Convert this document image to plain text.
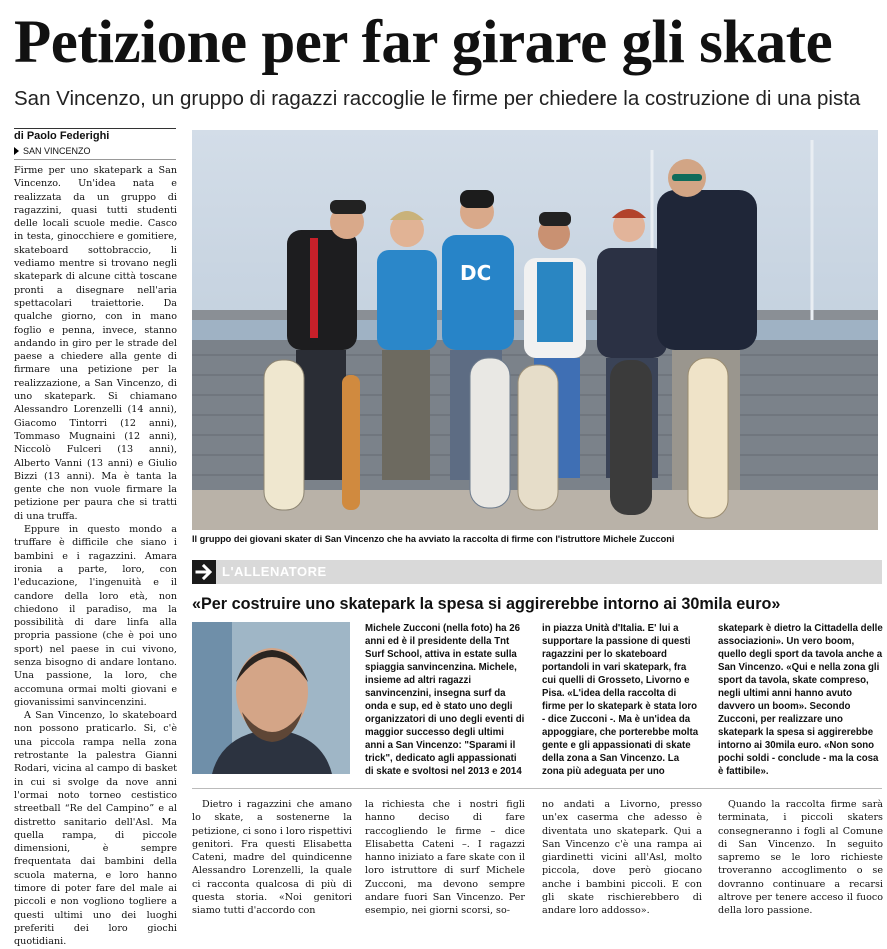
Petizione per far girare gli skate
San Vincenzo, un gruppo di ragazzi raccoglie le firme per chiedere la costruzione di una pista
di Paolo Federighi
SAN VINCENZO

Firme per uno skatepark a San Vincenzo. Un'idea nata e realizzata da un gruppo di ragazzini, quasi tutti studenti delle locali scuole medie. Casco in testa, ginocchiere e gomitiere, skateboard sottobraccio, li vediamo mentre si trovano negli skatepark di alcune città toscane pronti a disegnare nell'aria spettacolari traiettorie. Da qualche giorno, con in mano foglio e penna, invece, stanno andando in giro per le strade del paese a chiedere alla gente di firmare una petizione per la realizzazione, a San Vincenzo, di uno skatepark. Si chiamano Alessandro Lorenzelli (14 anni), Giacomo Tintorri (12 anni), Tommaso Mugnaini (12 anni), Niccolò Fulceri (13 anni), Alberto Vanni (13 anni) e Giulio Bizzi (13 anni). Ma è tanta la gente che non vuole firmare la petizione per paura che si tratti di una truffa.

Eppure in questo mondo a truffare è difficile che siano i bambini e i ragazzini. Amara ironia a parte, loro, con l'educazione, l'ingenuità e il candore della loro età, non chiedono il paradiso, ma la possibilità di dare linfa alla propria passione (che è poi uno sport) nel paese in cui vivono, senza bisogno di andare lontano. Una passione, la loro, che accomuna ormai molti giovani e giovanissimi sanvincenzini.

A San Vincenzo, lo skateboard non possono praticarlo. Si, c'è una piccola rampa nella zona retrostante la palestra Gianni Rodari, vicina al campo di basket in cui si svolge da nove anni l'ormai noto torneo cestistico streetball “Re del Campino” e al distretto sanitario dell'Asl. Ma quella rampa, di piccole dimensioni, è sempre frequentata dai bambini della scuola materna, e loro hanno timore di poter fare del male ai piccoli e non vogliono togliere a questi ultimi uno dei luoghi preferiti dei loro giochi quotidiani.

DC
Il gruppo dei giovani skater di San Vincenzo che ha avviato la raccolta di firme con l'istruttore Michele Zucconi
L'ALLENATORE
«Per costruire uno skatepark la spesa si aggirerebbe intorno ai 30mila euro»
Michele Zucconi (nella foto) ha 26 anni ed è il presidente della Tnt Surf School, attiva in estate sulla spiaggia sanvincenzina. Michele, insieme ad altri ragazzi sanvincenzini, insegna surf da onda e sup, ed è stato uno degli organizzatori di uno degli eventi di maggior successo degli ultimi anni a San Vincenzo: "Sparami il trick", dedicato agli appassionati di skate e svoltosi nel 2013 e 2014
in piazza Unità d'Italia. E' lui a supportare la passione di questi ragazzini per lo skateboard portandoli in vari skatepark, fra cui quelli di Grosseto, Livorno e Pisa. «L'idea della raccolta di firme per lo skatepark è stata loro - dice Zucconi -. Ma è un'idea da appoggiare, che porterebbe molta gente e gli appassionati di skate della zona a San Vincenzo. La zona più adeguata per uno
skatepark è dietro la Cittadella delle associazioni». Un vero boom, quello degli sport da tavola anche a San Vincenzo. «Qui e nella zona gli sport da tavola, skate compreso, negli ultimi anni hanno avuto davvero un boom». Secondo Zucconi, per realizzare uno skatepark la spesa si aggirerebbe intorno ai 30mila euro. «Non sono pochi soldi - conclude - ma la cosa è fattibile».

Dietro i ragazzini che amano lo skate, a sostenerne la petizione, ci sono i loro rispettivi genitori. Fra questi Elisabetta Cateni, madre del quindicenne Alessandro Lorenzelli, la quale ci racconta qualcosa di più di questa storia. «Noi genitori siamo tutti d'accordo con

la richiesta che i nostri figli hanno deciso di fare raccogliendo le firme – dice Elisabetta Cateni –. I ragazzi hanno iniziato a fare skate con il loro istruttore di surf Michele Zucconi, ma devono sempre andare fuori San Vincenzo. Per esempio, nei giorni scorsi, so-

no andati a Livorno, presso un'ex caserma che adesso è diventata uno skatepark. Qui a San Vincenzo c'è una rampa ai giardinetti vicini all'Asl, molto piccola, dove però giocano anche i bambini piccoli. E con gli skate rischierebbero di andare loro addosso».

Quando la raccolta firme sarà terminata, i piccoli skaters consegneranno i fogli al Comune di San Vincenzo. In seguito sapremo se le loro richieste troveranno accoglimento o se dovranno continuare a recarsi altrove per tenere acceso il fuoco della loro passione.
